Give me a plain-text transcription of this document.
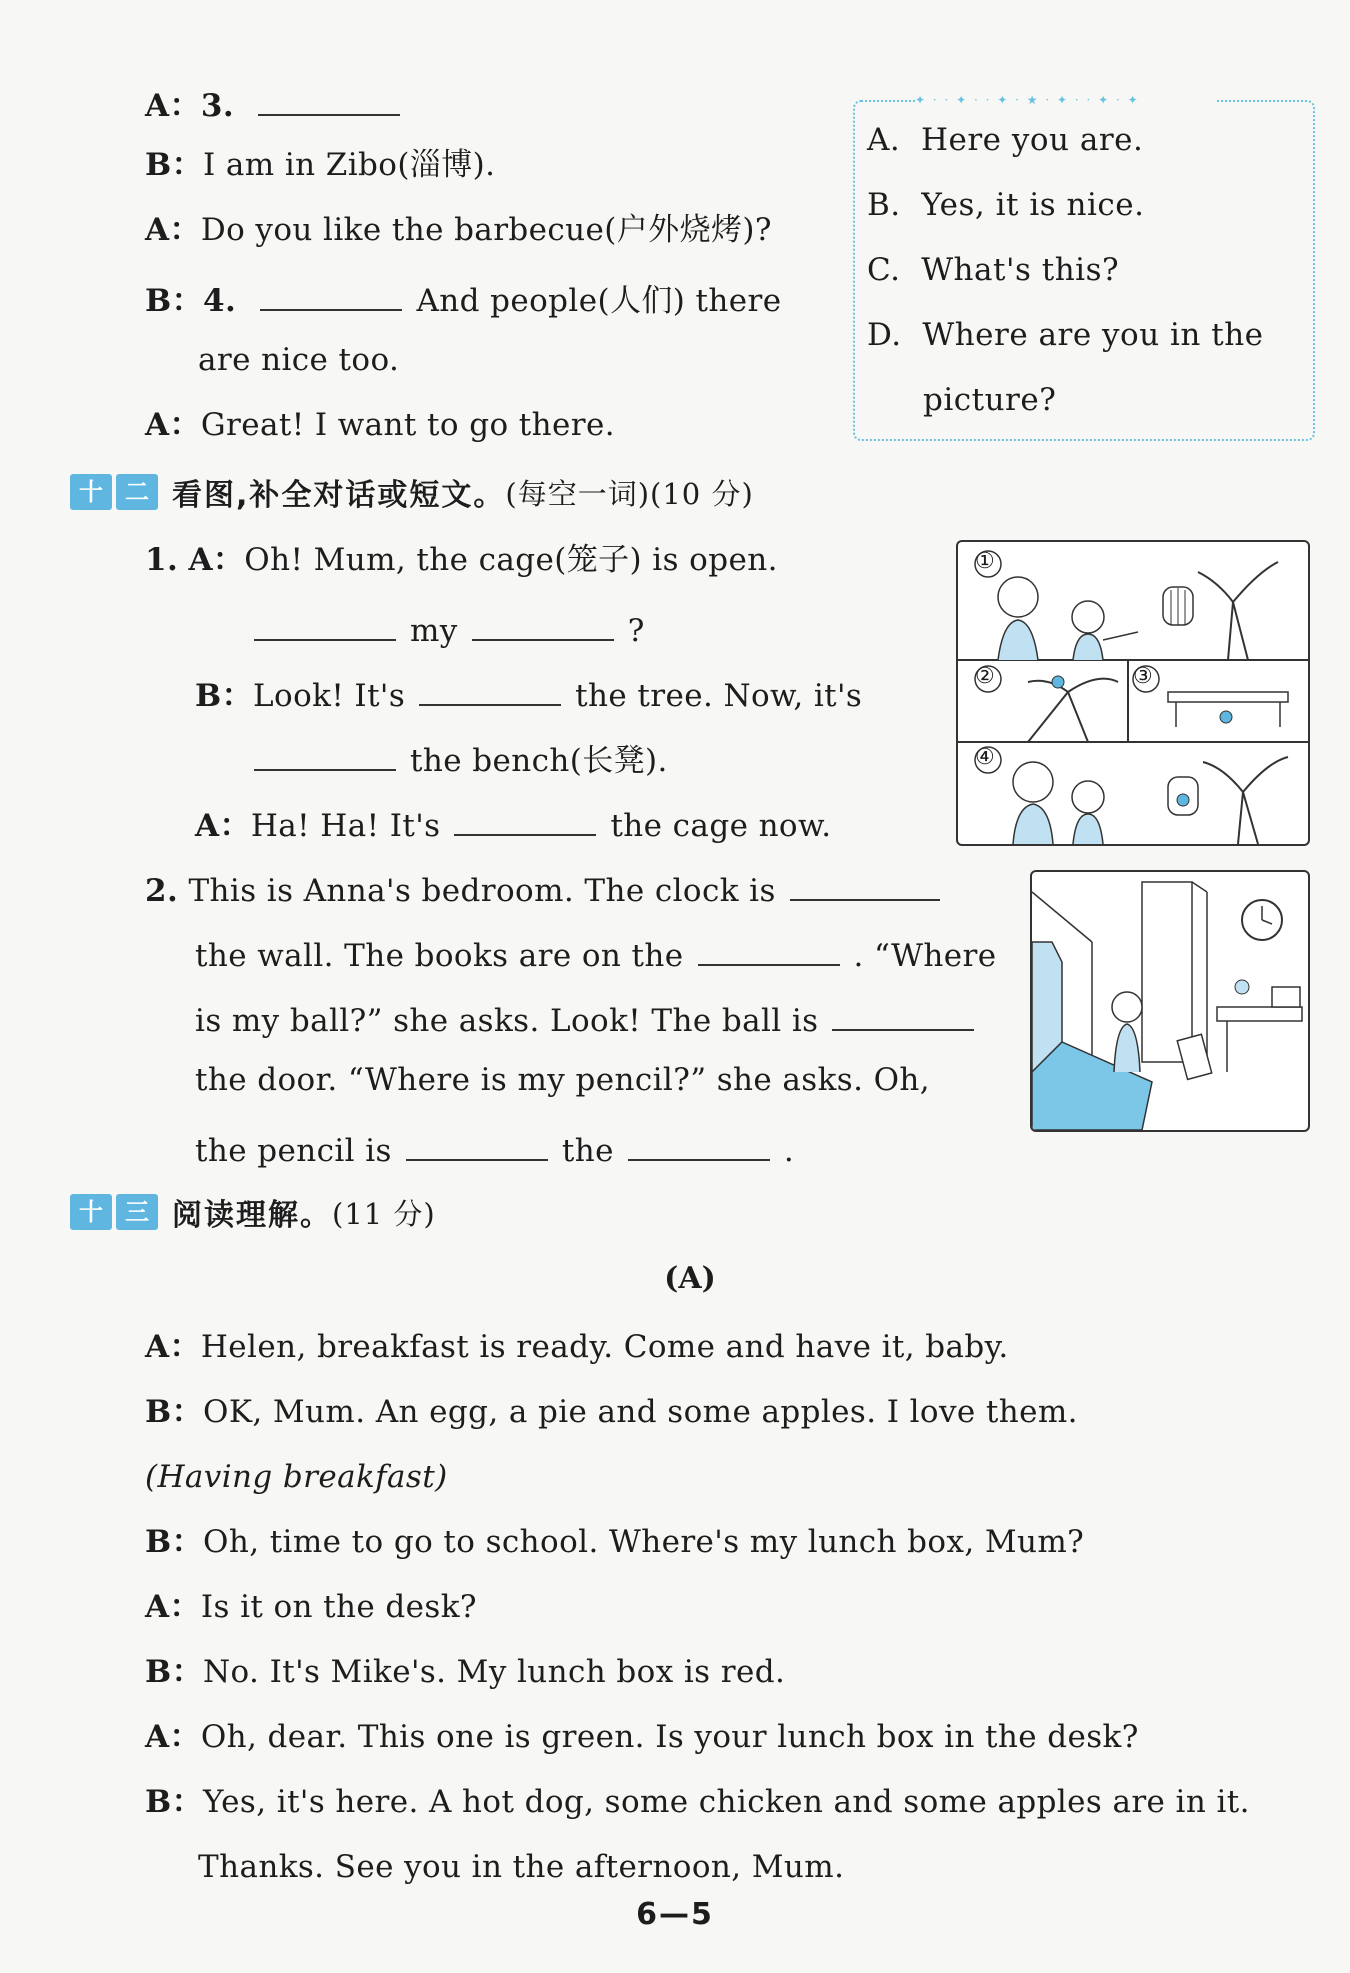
A：3.
B：I am in Zibo(淄博).
A：Do you like the barbecue(户外烧烤)?
B：4.	And people(人们) there
are nice too.
A：Great! I want to go there.
✦ · · ✦ · · ✦ · ★ · ✦ · · ✦ · ✦
A. Here you are.
B. Yes, it is nice.
C. What's this?
D. Where are you in the
picture?
十 二 看图,补全对话或短文。 (每空一词)(10 分)
1. A：Oh! Mum, the cage(笼子) is open.
my	?
B：Look! It's	the tree. Now, it's
the bench(长凳).
A：Ha! Ha! It's	the cage now.
①
②	③
④
2. This is Anna's bedroom. The clock is
the wall. The books are on the	. “Where
is my ball?” she asks. Look! The ball is
the door. “Where is my pencil?” she asks. Oh,
the pencil is	the	.
十 三 阅读理解。 (11 分)
(A)
A：Helen, breakfast is ready. Come and have it, baby.
B：OK, Mum. An egg, a pie and some apples. I love them.
(Having breakfast)
B：Oh, time to go to school. Where's my lunch box, Mum?
A：Is it on the desk?
B：No. It's Mike's. My lunch box is red.
A：Oh, dear. This one is green. Is your lunch box in the desk?
B：Yes, it's here. A hot dog, some chicken and some apples are in it.
Thanks. See you in the afternoon, Mum.
6—5
